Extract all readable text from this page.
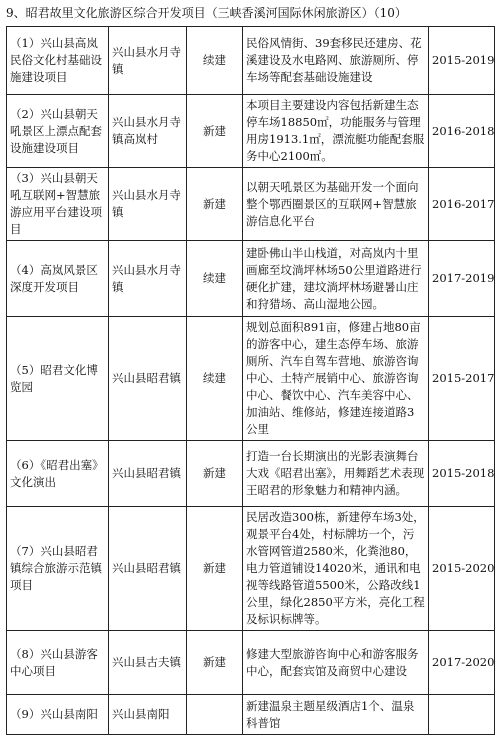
9、昭君故里文化旅游区综合开发项目（三峡香溪河国际休闲旅游区）（10）
（1）兴山县高岚民俗文化村基础设施建设项目	兴山县水月寺镇	续建	民俗风情街、39套移民还建房、花溪建设及水电路网、旅游厕所、停车场等配套基础设施建设	2015-2019

（2）兴山县朝天吼景区上漂点配套设施建设项目	兴山县水月寺镇高岚村	新建	本项目主要建设内容包括新建生态停车场18850㎡，功能服务与管理用房1913.1㎡，漂流艇功能配套服务中心2100㎡。	2016-2018

（3）兴山县朝天吼互联网+智慧旅游应用平台建设项目	兴山县水月寺镇	新建	以朝天吼景区为基础开发一个面向整个鄂西圈景区的互联网+智慧旅游信息化平台	2016-2017

（4）高岚风景区深度开发项目	兴山县水月寺镇	续建	建卧佛山半山栈道，对高岚内十里画廊至坟淌坪林场50公里道路进行硬化扩建，建坟淌坪林场避暑山庄和狩猎场、高山湿地公园。	2017-2019

（5）昭君文化博览园	兴山县昭君镇	续建	规划总面积891亩，修建占地80亩的游客中心，建生态停车场、旅游厕所、汽车自驾车营地、旅游咨询中心、土特产展销中心、旅游咨询中心、餐饮中心、汽车美容中心、加油站、维修站，修建连接道路3公里	2015-2017

（6）《昭君出塞》文化演出	兴山县昭君镇	新建	打造一台长期演出的光影表演舞台大戏《昭君出塞》，用舞蹈艺术表现王昭君的形象魅力和精神内涵。	2015-2018

（7）兴山县昭君镇综合旅游示范镇项目	兴山县昭君镇	新建	民居改造300栋，新建停车场3处，观景平台4处，村标牌坊一个，污水管网管道2580米，化粪池80，电力管道铺设14020米，通讯和电视等线路管道5500米，公路改线1公里，绿化2850平方米，亮化工程及标识标牌等。	2015-2020

（8）兴山县游客中心项目	兴山县古夫镇	新建	修建大型旅游咨询中心和游客服务中心，配套宾馆及商贸中心建设	2017-2020

（9）兴山县南阳	兴山县南阳		新建温泉主题星级酒店1个、温泉科普馆	
